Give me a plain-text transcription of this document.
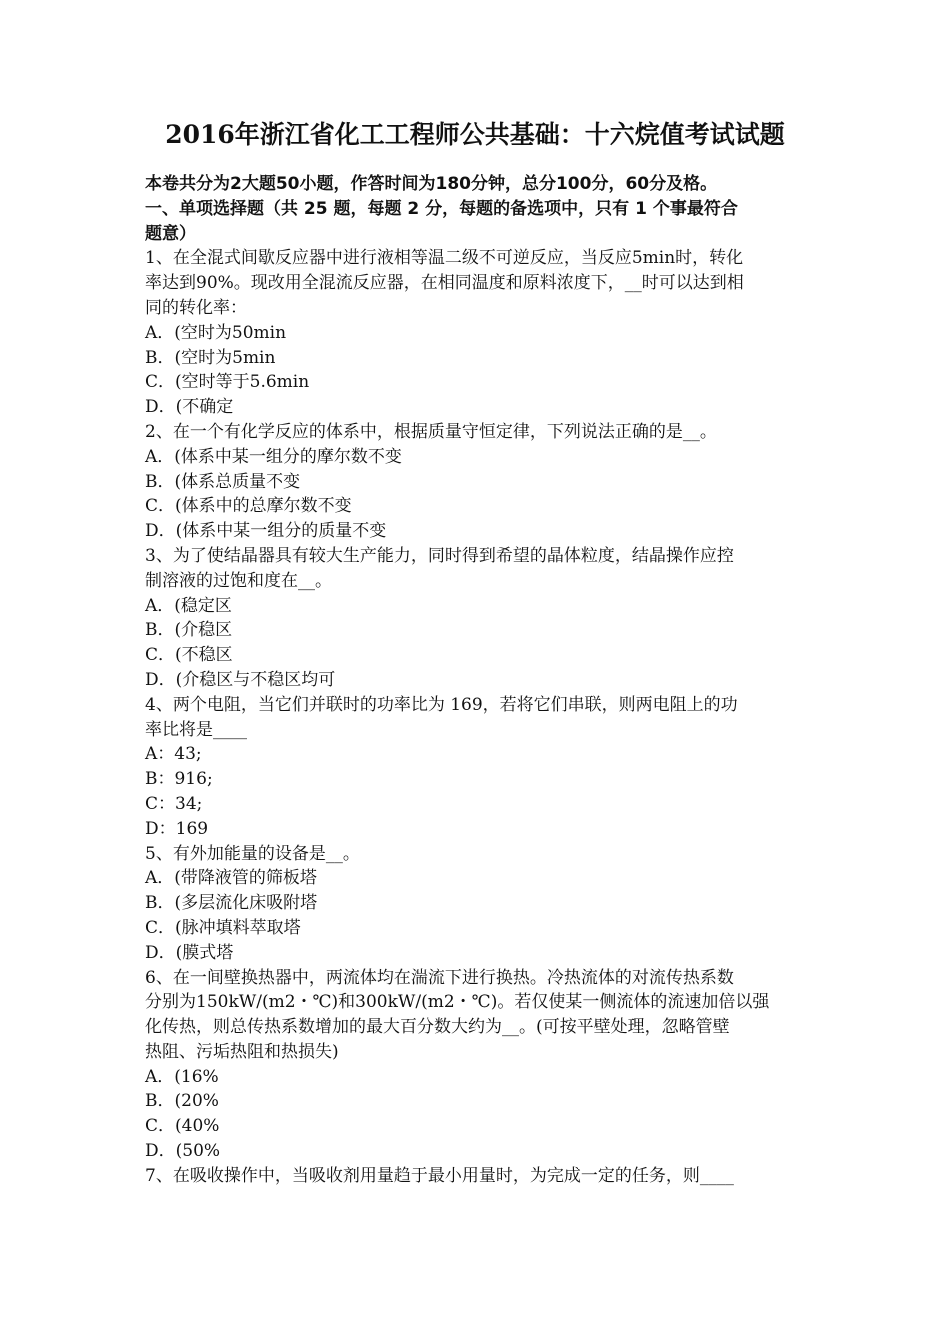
2016年浙江省化工工程师公共基础：十六烷值考试试题
本卷共分为2大题50小题，作答时间为180分钟，总分100分，60分及格。
一、单项选择题（共 25 题，每题 2 分，每题的备选项中，只有 1 个事最符合
题意）
1、在全混式间歇反应器中进行液相等温二级不可逆反应，当反应5min时，转化
率达到90%。现改用全混流反应器，在相同温度和原料浓度下，__时可以达到相
同的转化率：
A．(空时为50min
B．(空时为5min
C．(空时等于5.6min
D．(不确定
2、在一个有化学反应的体系中，根据质量守恒定律，下列说法正确的是__。
A．(体系中某一组分的摩尔数不变
B．(体系总质量不变
C．(体系中的总摩尔数不变
D．(体系中某一组分的质量不变
3、为了使结晶器具有较大生产能力，同时得到希望的晶体粒度，结晶操作应控
制溶液的过饱和度在__。
A．(稳定区
B．(介稳区
C．(不稳区
D．(介稳区与不稳区均可
4、两个电阻，当它们并联时的功率比为 169，若将它们串联，则两电阻上的功
率比将是____
A：43;
B：916;
C：34;
D：169
5、有外加能量的设备是__。
A．(带降液管的筛板塔
B．(多层流化床吸附塔
C．(脉冲填料萃取塔
D．(膜式塔
6、在一间壁换热器中，两流体均在湍流下进行换热。冷热流体的对流传热系数
分别为150kW/(m2・℃)和300kW/(m2・℃)。若仅使某一侧流体的流速加倍以强
化传热，则总传热系数增加的最大百分数大约为__。(可按平壁处理，忽略管壁
热阻、污垢热阻和热损失)
A．(16%
B．(20%
C．(40%
D．(50%
7、在吸收操作中，当吸收剂用量趋于最小用量时，为完成一定的任务，则____
